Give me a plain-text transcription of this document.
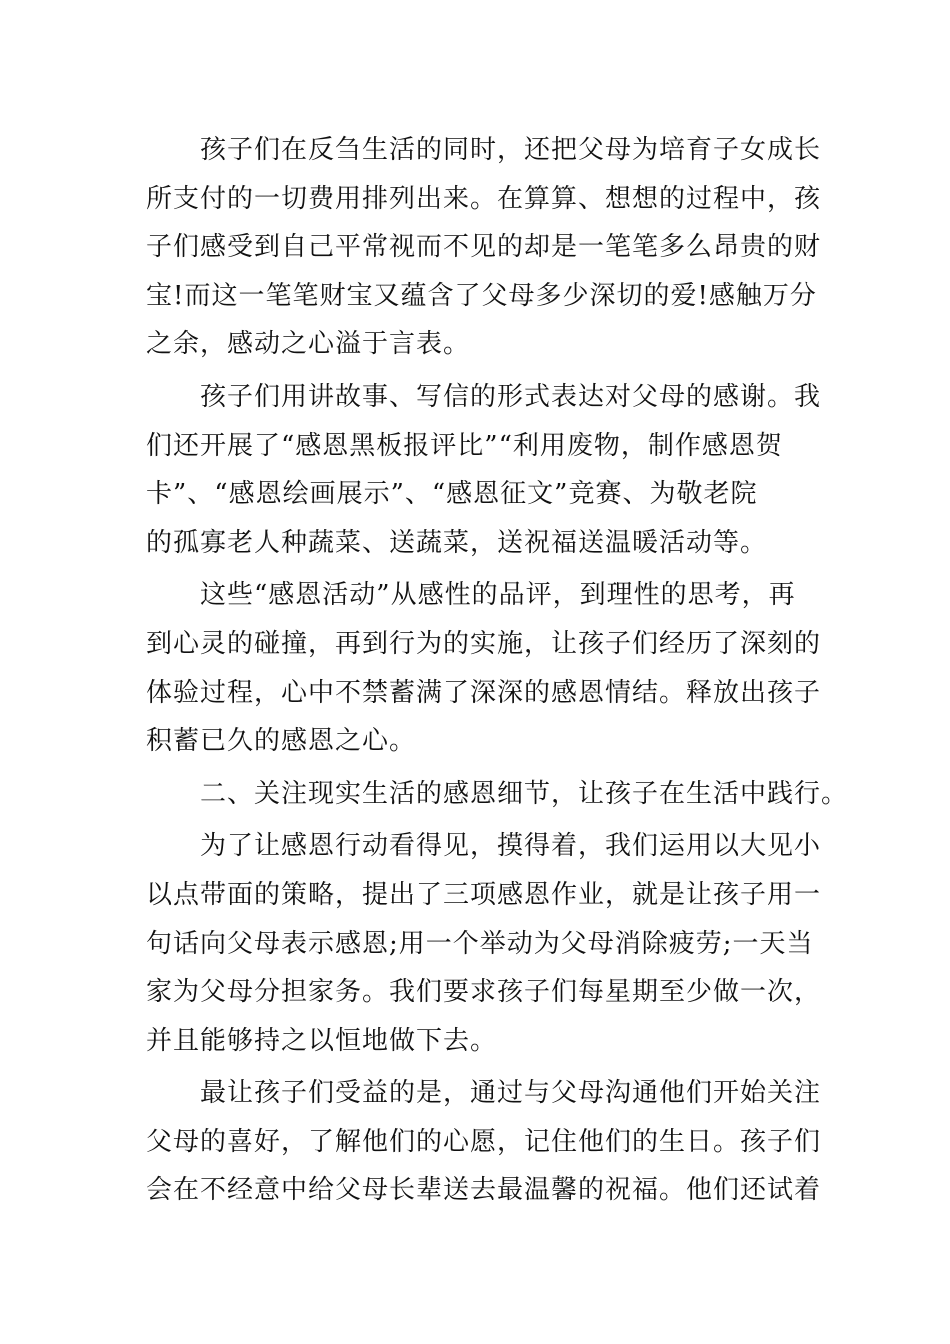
孩子们在反刍生活的同时，还把父母为培育子女成长
所支付的一切费用排列出来。在算算、想想的过程中，孩
子们感受到自己平常视而不见的却是一笔笔多么昂贵的财
宝!而这一笔笔财宝又蕴含了父母多少深切的爱!感触万分
之余，感动之心溢于言表。

孩子们用讲故事、写信的形式表达对父母的感谢。我
们还开展了“感恩黑板报评比”“利用废物，制作感恩贺
卡”、“感恩绘画展示”、“感恩征文”竞赛、为敬老院
的孤寡老人种蔬菜、送蔬菜，送祝福送温暖活动等。

这些“感恩活动”从感性的品评，到理性的思考，再
到心灵的碰撞，再到行为的实施，让孩子们经历了深刻的
体验过程，心中不禁蓄满了深深的感恩情结。释放出孩子
积蓄已久的感恩之心。

二、关注现实生活的感恩细节，让孩子在生活中践行。

为了让感恩行动看得见，摸得着，我们运用以大见小
以点带面的策略，提出了三项感恩作业，就是让孩子用一
句话向父母表示感恩;用一个举动为父母消除疲劳;一天当
家为父母分担家务。我们要求孩子们每星期至少做一次，
并且能够持之以恒地做下去。

最让孩子们受益的是，通过与父母沟通他们开始关注
父母的喜好，了解他们的心愿，记住他们的生日。孩子们
会在不经意中给父母长辈送去最温馨的祝福。他们还试着
